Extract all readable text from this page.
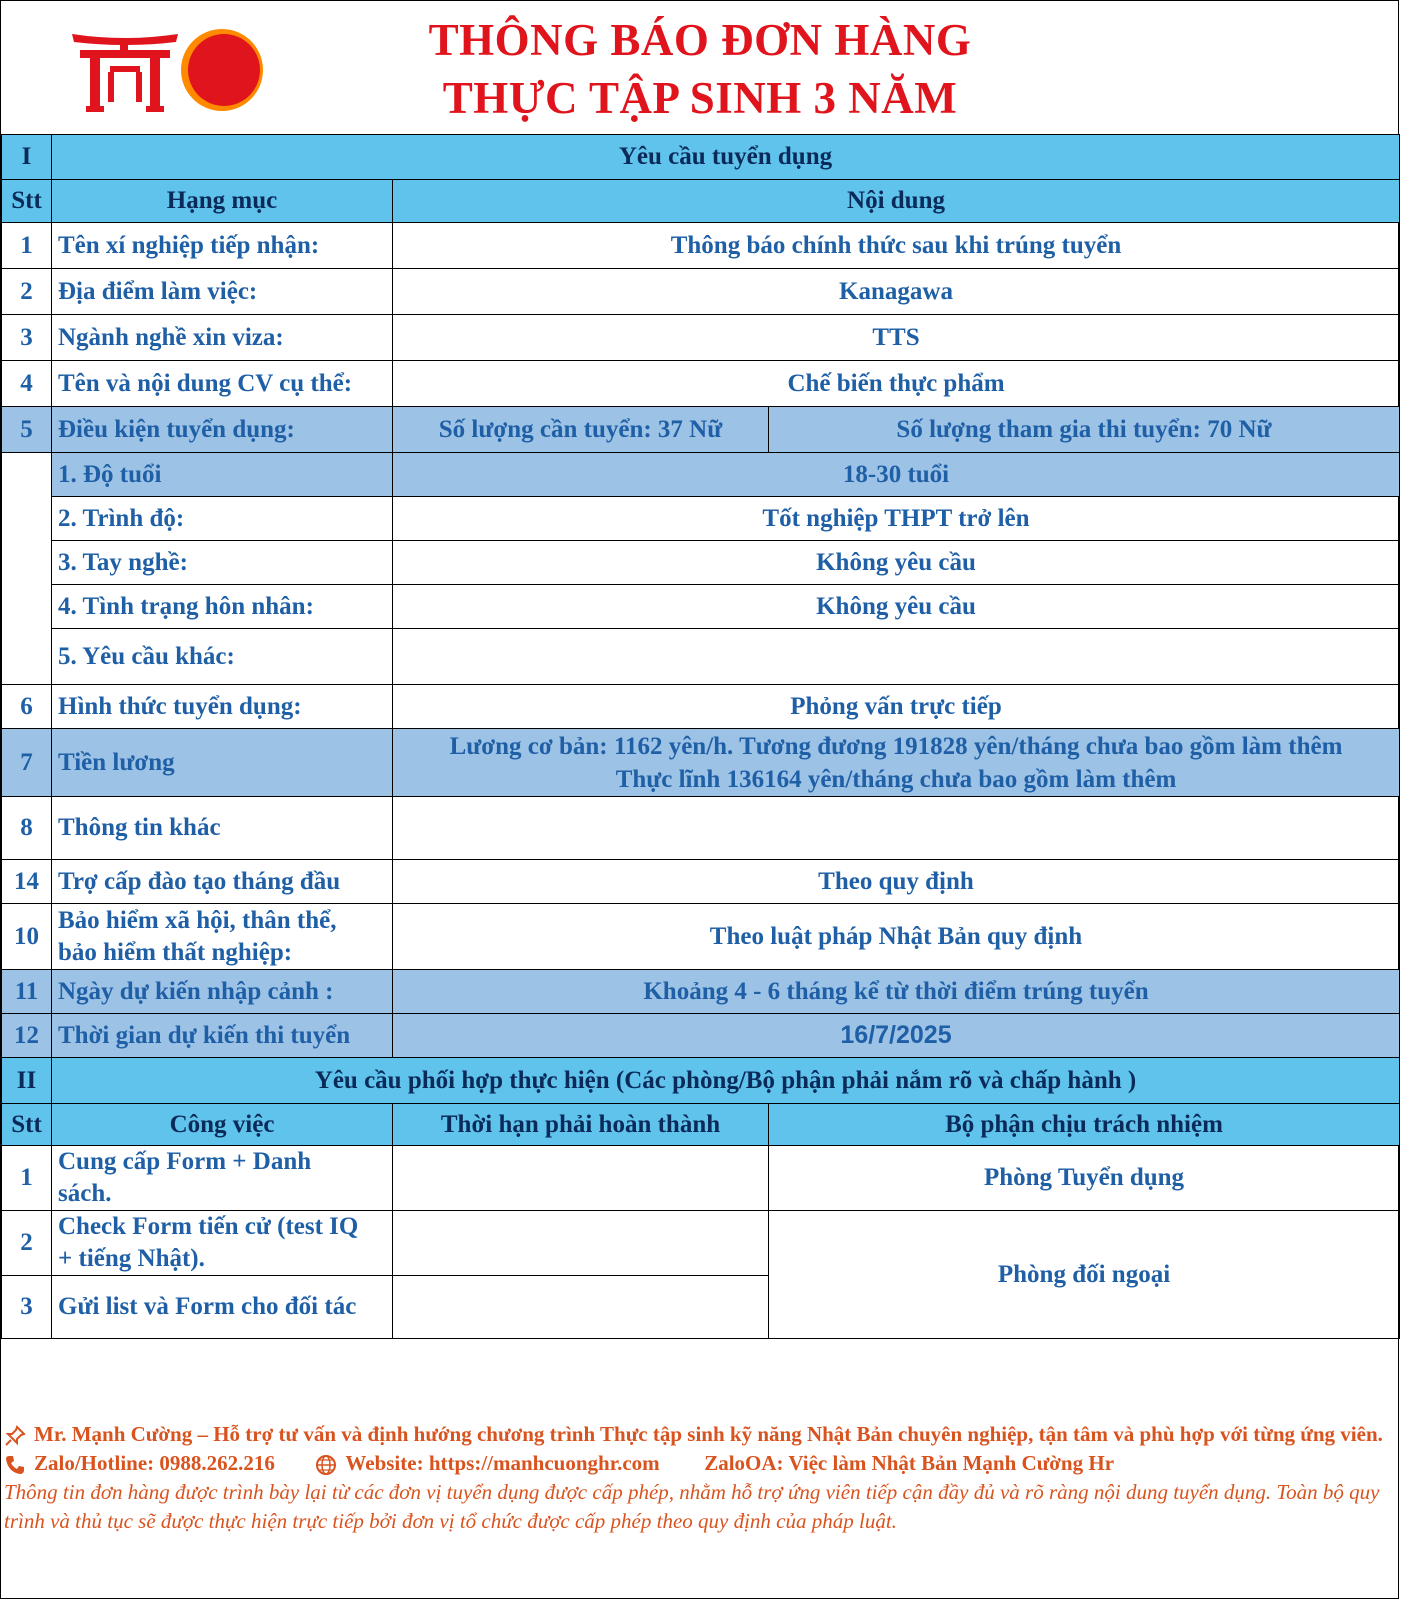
THÔNG BÁO ĐƠN HÀNG
THỰC TẬP SINH 3 NĂM
I	Yêu cầu tuyển dụng		
Stt	Hạng mục	Nội dung	
1	Tên xí nghiệp tiếp nhận:	Thông báo chính thức sau khi trúng tuyển	
2	Địa điểm làm việc:	Kanagawa	
3	Ngành nghề xin viza:	TTS	
4	Tên và nội dung CV cụ thể:	Chế biến thực phẩm	
5	Điều kiện tuyển dụng:	Số lượng cần tuyển: 37 Nữ	Số lượng tham gia thi tuyển: 70 Nữ
	1. Độ tuổi	18-30 tuổi	
	2. Trình độ:	Tốt nghiệp THPT trở lên	
	3. Tay nghề:	Không yêu cầu	
	4. Tình trạng hôn nhân:	Không yêu cầu	
	5. Yêu cầu khác:		
6	Hình thức tuyển dụng:	Phỏng vấn trực tiếp	
7	Tiền lương	Lương cơ bản: 1162 yên/h. Tương đương 191828 yên/tháng chưa bao gồm làm thêm
Thực lĩnh 136164 yên/tháng chưa bao gồm làm thêm	

8	Thông tin khác		
14	Trợ cấp đào tạo tháng đầu	Theo quy định	
10	Bảo hiểm xã hội, thân thể,
bảo hiểm thất nghiệp:	Theo luật pháp Nhật Bản quy định	
11	Ngày dự kiến nhập cảnh :	Khoảng 4 - 6 tháng kể từ thời điểm trúng tuyển	
12	Thời gian dự kiến thi tuyển	16/7/2025	
II	Yêu cầu phối hợp thực hiện (Các phòng/Bộ phận phải nắm rõ và chấp hành )		
Stt	Công việc	Thời hạn phải hoàn thành	Bộ phận chịu trách nhiệm
1	Cung cấp Form + Danh
sách.		Phòng Tuyển dụng
2	Check Form tiến cử (test IQ
+ tiếng Nhật).		Phòng đối ngoại
3	Gửi list và Form cho đối tác		
Mr. Mạnh Cường – Hỗ trợ tư vấn và định hướng chương trình Thực tập sinh kỹ năng Nhật Bản chuyên nghiệp, tận tâm và phù hợp với từng ứng viên.
Zalo/Hotline: 0988.262.216	Website: https://manhcuonghr.com ZaloOA: Việc làm Nhật Bản Mạnh Cường Hr
Thông tin đơn hàng được trình bày lại từ các đơn vị tuyển dụng được cấp phép, nhằm hỗ trợ ứng viên tiếp cận đầy đủ và rõ ràng nội dung tuyển dụng. Toàn bộ quy trình và thủ tục sẽ được thực hiện trực tiếp bởi đơn vị tổ chức được cấp phép theo quy định của pháp luật.
